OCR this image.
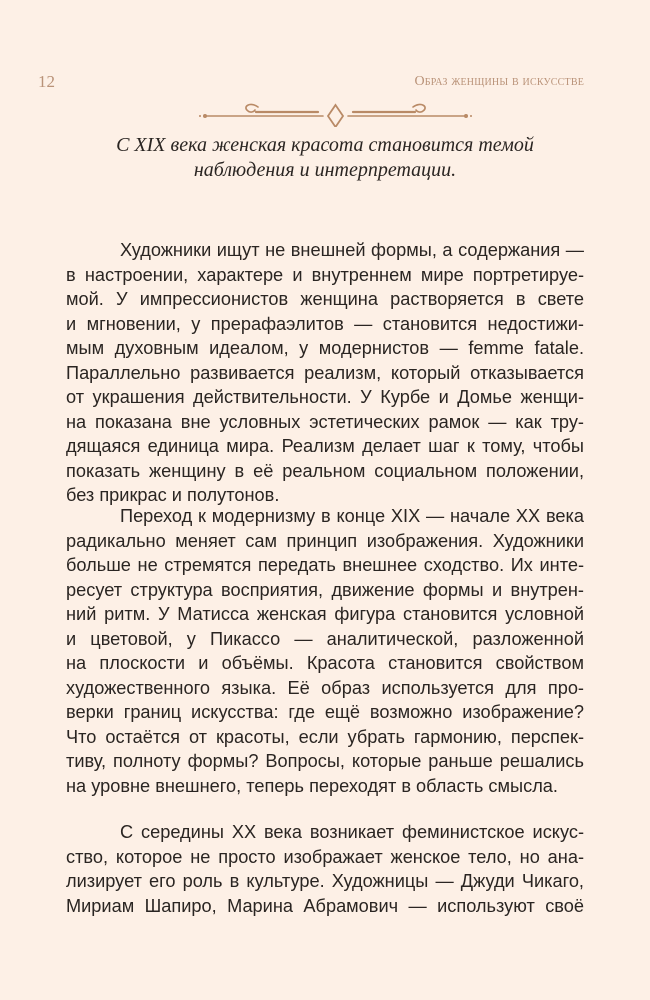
12	Образ женщины в искусстве
С XIX века женская красота становится темой
наблюдения и интерпретации.
Художники ищут не внешней формы, а содержания —
в настроении, характере и внутреннем мире портретируе-
мой. У импрессионистов женщина растворяется в свете
и мгновении, у прерафаэлитов — становится недостижи-
мым духовным идеалом, у модернистов — femme fatale.
Параллельно развивается реализм, который отказывается
от украшения действительности. У Курбе и Домье женщи-
на показана вне условных эстетических рамок — как тру-
дящаяся единица мира. Реализм делает шаг к тому, чтобы
показать женщину в её реальном социальном положении,
без прикрас и полутонов.
Переход к модернизму в конце XIX — начале XX века
радикально меняет сам принцип изображения. Художники
больше не стремятся передать внешнее сходство. Их инте-
ресует структура восприятия, движение формы и внутрен-
ний ритм. У Матисса женская фигура становится условной
и цветовой, у Пикассо — аналитической, разложенной
на плоскости и объёмы. Красота становится свойством
художественного языка. Её образ используется для про-
верки границ искусства: где ещё возможно изображение?
Что остаётся от красоты, если убрать гармонию, перспек-
тиву, полноту формы? Вопросы, которые раньше решались
на уровне внешнего, теперь переходят в область смысла.
С середины XX века возникает феминистское искус-
ство, которое не просто изображает женское тело, но ана-
лизирует его роль в культуре. Художницы — Джуди Чикаго,
Мириам Шапиро, Марина Абрамович — используют своё
